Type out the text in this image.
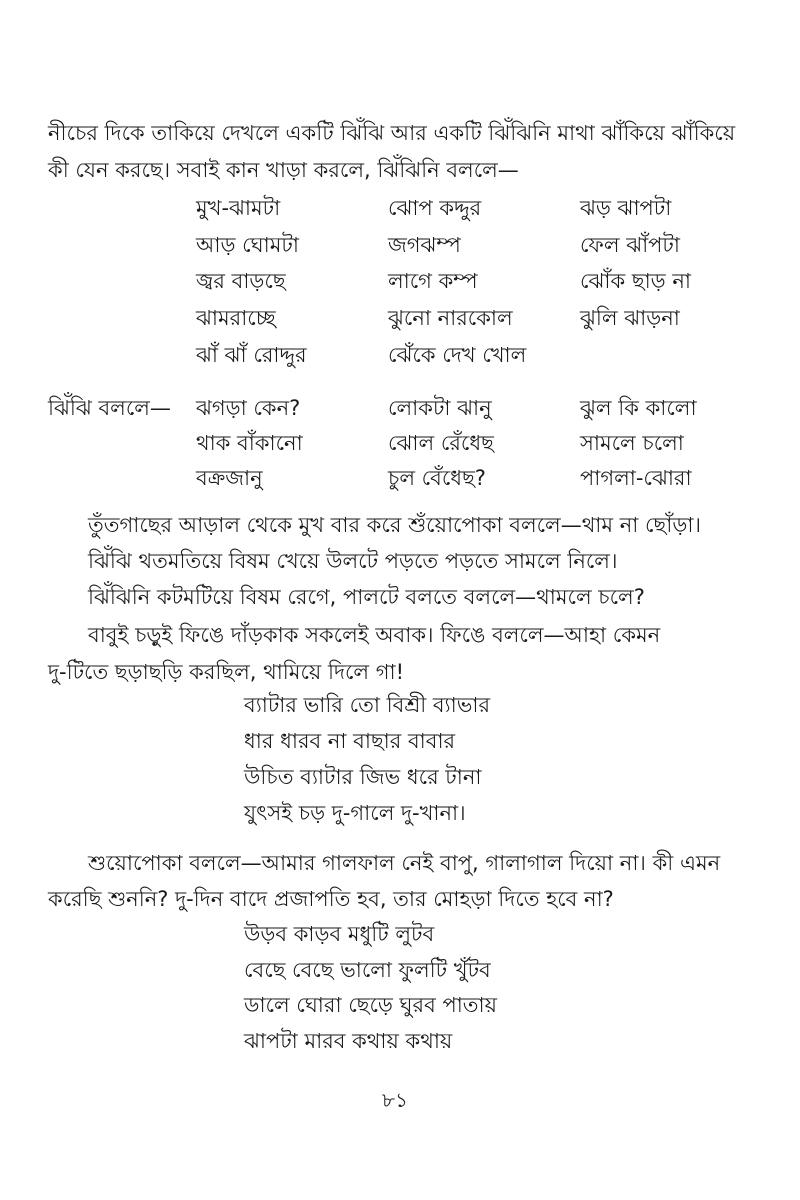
নীচের দিকে তাকিয়ে দেখলে একটি ঝিঁঝি আর একটি ঝিঁঝিনি মাথা ঝাঁকিয়ে ঝাঁকিয়ে
কী যেন করছে। সবাই কান খাড়া করলে, ঝিঁঝিনি বললে—
মুখ-ঝামটা	ঝোপ কদ্দুর	ঝড় ঝাপটা
আড় ঘোমটা	জগঝম্প	ফেল ঝাঁপটা
জ্বর বাড়ছে	লাগে কম্প	ঝোঁক ছাড় না
ঝামরাচ্ছে	ঝুনো নারকোল	ঝুলি ঝাড়না
ঝাঁ ঝাঁ রোদ্দুর	ঝেঁকে দেখ খোল
ঝিঁঝি বললে— ঝগড়া কেন?	লোকটা ঝানু	ঝুল কি কালো
থাক বাঁকানো	ঝোল রেঁধেছ	সামলে চলো
বক্রজানু	চুল বেঁধেছ?	পাগলা-ঝোরা
তুঁতগাছের আড়াল থেকে মুখ বার করে শুঁয়োপোকা বললে—থাম না ছোঁড়া।
ঝিঁঝি থতমতিয়ে বিষম খেয়ে উলটে পড়তে পড়তে সামলে নিলে।
ঝিঁঝিনি কটমটিয়ে বিষম রেগে, পালটে বলতে বললে—থামলে চলে?
বাবুই চড়ুই ফিঙে দাঁড়কাক সকলেই অবাক। ফিঙে বললে—আহা কেমন
দু-টিতে ছড়াছড়ি করছিল, থামিয়ে দিলে গা!
ব্যাটার ভারি তো বিশ্রী ব্যাভার
ধার ধারব না বাছার বাবার
উচিত ব্যাটার জিভ ধরে টানা
যুৎসই চড় দু-গালে দু-খানা।
শুয়োপোকা বললে—আমার গালফাল নেই বাপু, গালাগাল দিয়ো না। কী এমন
করেছি শুননি? দু-দিন বাদে প্রজাপতি হব, তার মোহড়া দিতে হবে না?
উড়ব কাড়ব মধুটি লুটব
বেছে বেছে ভালো ফুলটি খুঁটব
ডালে ঘোরা ছেড়ে ঘুরব পাতায়
ঝাপটা মারব কথায় কথায়
৮১
